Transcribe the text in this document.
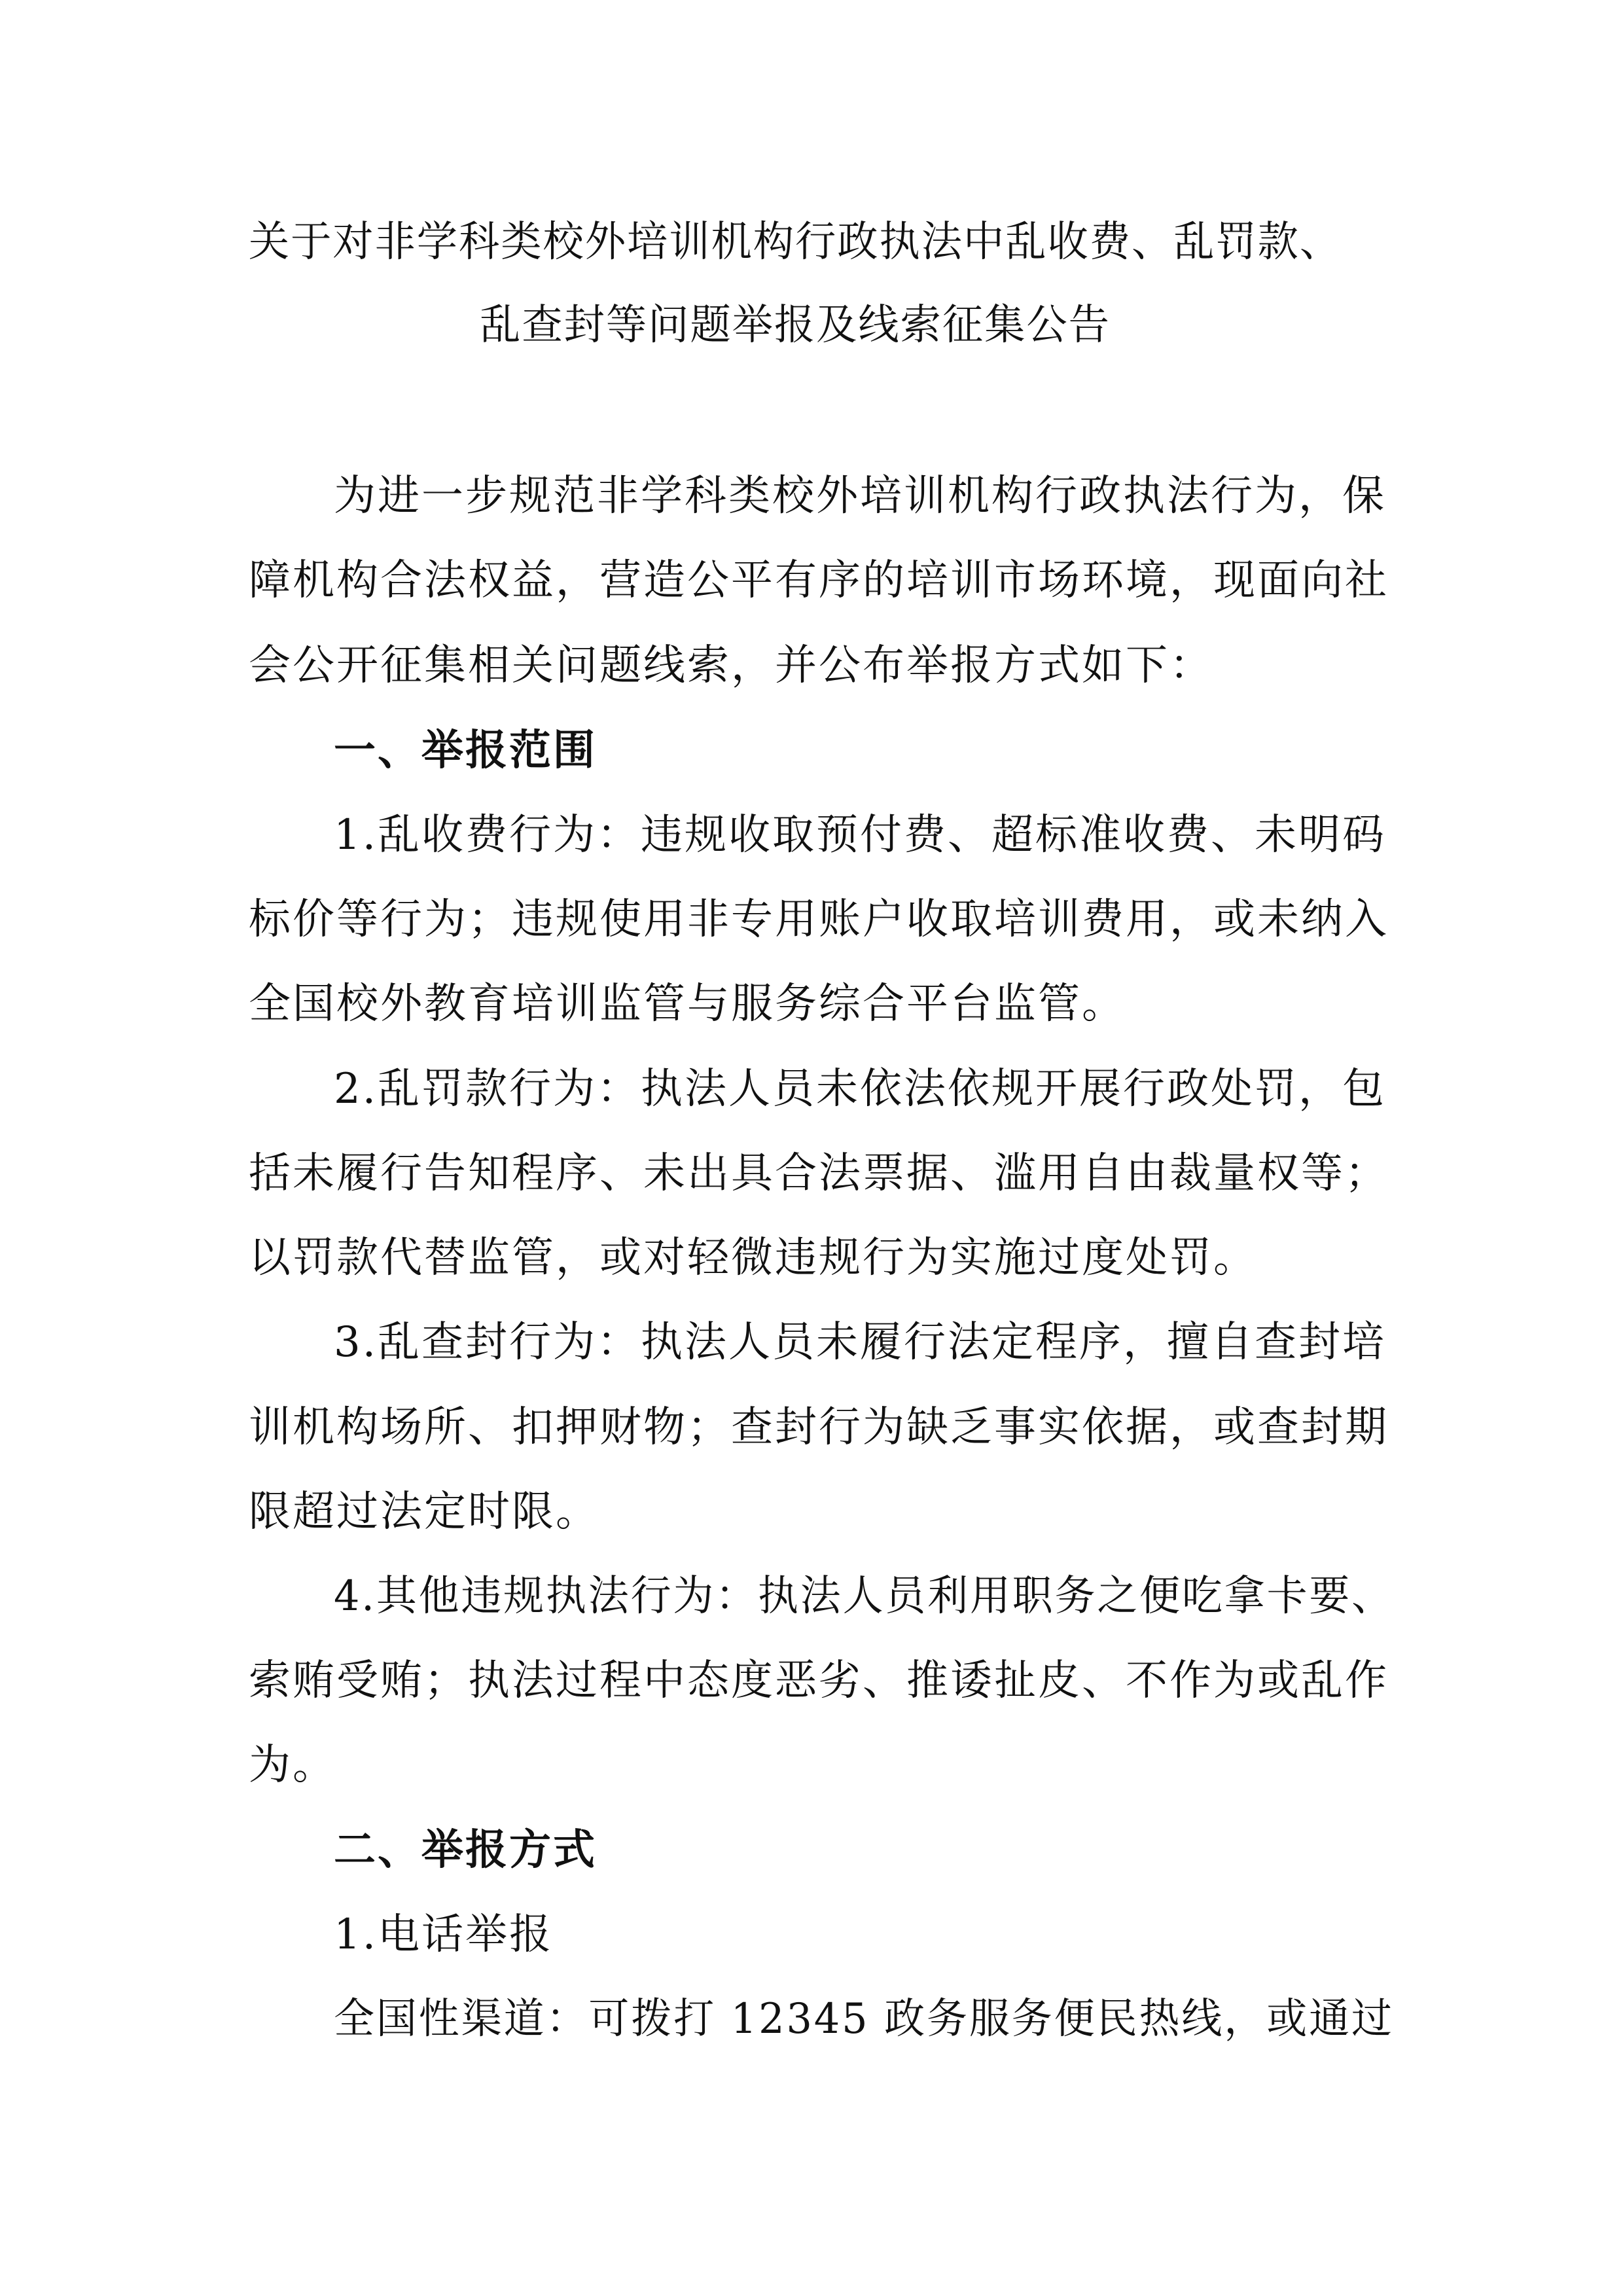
关于对非学科类校外培训机构行政执法中乱收费、乱罚款、
乱查封等问题举报及线索征集公告
为进一步规范非学科类校外培训机构行政执法行为，保
障机构合法权益，营造公平有序的培训市场环境，现面向社
会公开征集相关问题线索，并公布举报方式如下：
一、举报范围
1.乱收费行为：违规收取预付费、超标准收费、未明码
标价等行为；违规使用非专用账户收取培训费用，或未纳入
全国校外教育培训监管与服务综合平台监管。
2.乱罚款行为：执法人员未依法依规开展行政处罚，包
括未履行告知程序、未出具合法票据、滥用自由裁量权等；
以罚款代替监管，或对轻微违规行为实施过度处罚。
3.乱查封行为：执法人员未履行法定程序，擅自查封培
训机构场所、扣押财物；查封行为缺乏事实依据，或查封期
限超过法定时限。
4.其他违规执法行为：执法人员利用职务之便吃拿卡要、
索贿受贿；执法过程中态度恶劣、推诿扯皮、不作为或乱作
为。
二、举报方式
1.电话举报
全国性渠道：可拨打 12345 政务服务便民热线，或通过
